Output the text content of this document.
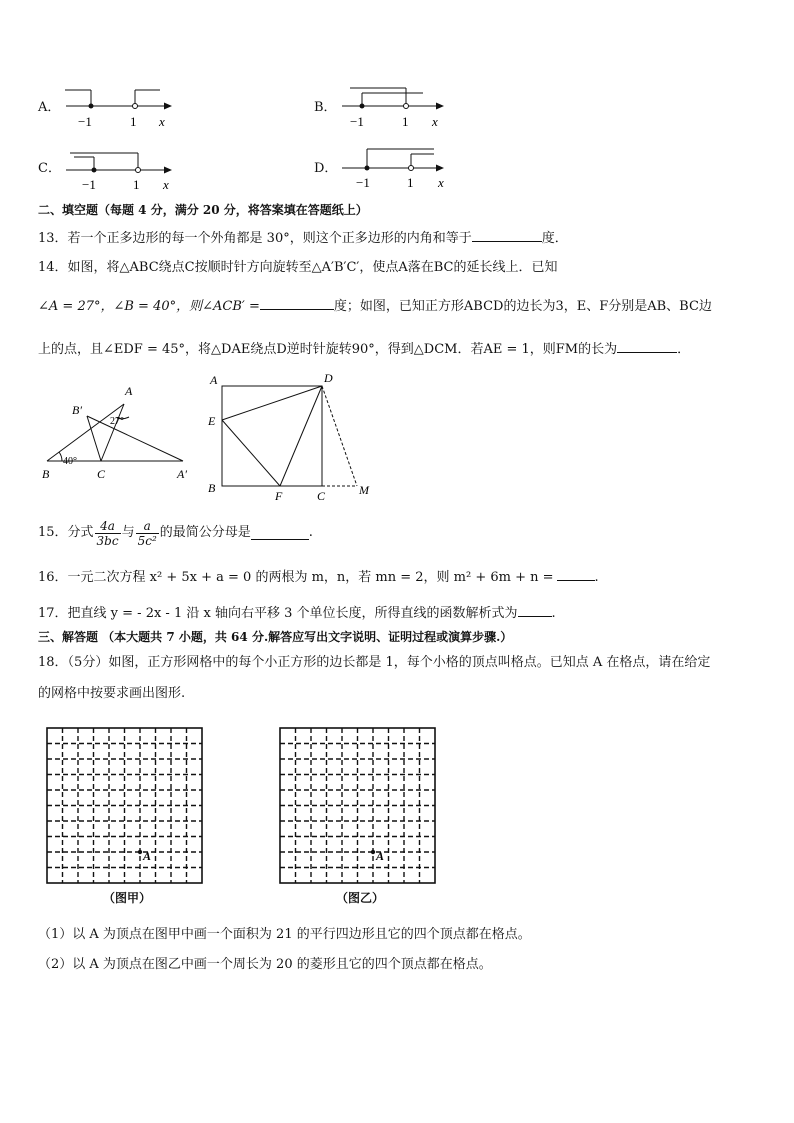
A．
−1	1 x
B．
−1	1 x
C．
−1	1 x
D．
−1	1 x
二、填空题（每题 4 分，满分 20 分，将答案填在答题纸上）
13．若一个正多边形的每一个外角都是 30°，则这个正多边形的内角和等于	度．
14．如图，将△ABC绕点C按顺时针方向旋转至△A′B′C′，使点A落在BC的延长线上．已知
∠A = 27°，∠B = 40°，则∠ACB′ =	度；如图，已知正方形ABCD的边长为3，E、F分别是AB、BC边
上的点，且∠EDF = 45°，将△DAE绕点D逆时针旋转90°，得到△DCM．若AE = 1，则FM的长为	．
A
B′
27°
40°
B	C	A′
A	D
E
B
F	C	M
15．分式 $\frac{4a}{3bc}$ 与 $\frac{a}{\text{5c²}}$ 的最简公分母是	.
16．一元二次方程 x² + 5x + a = 0 的两根为 m，n，若 mn = 2，则 m² + 6m + n =	.
17．把直线 y = - 2x - 1 沿 x 轴向右平移 3 个单位长度，所得直线的函数解析式为	.
三、解答题 （本大题共 7 小题，共 64 分.解答应写出文字说明、证明过程或演算步骤.）
18．（5分）如图，正方形网格中的每个小正方形的边长都是 1，每个小格的顶点叫格点。已知点 A 在格点，请在给定
的网格中按要求画出图形.
A
（图甲）
A
（图乙）
（1）以 A 为顶点在图甲中画一个面积为 21 的平行四边形且它的四个顶点都在格点。
（2）以 A 为顶点在图乙中画一个周长为 20 的菱形且它的四个顶点都在格点。
